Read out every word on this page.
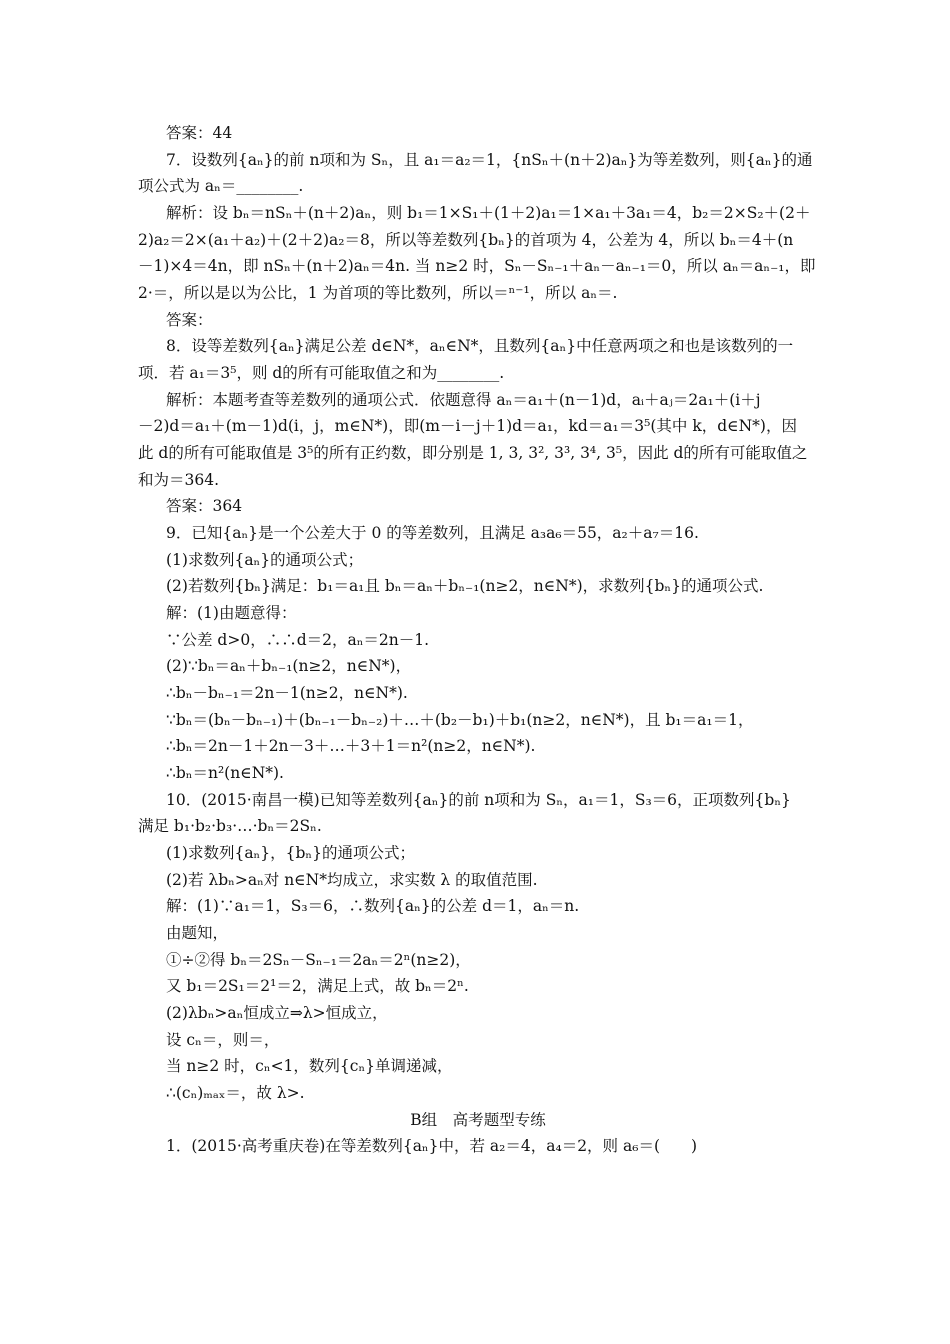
答案：44
7．设数列{aₙ}的前 n项和为 Sₙ，且 a₁＝a₂＝1，{nSₙ＋(n＋2)aₙ}为等差数列，则{aₙ}的通
项公式为 aₙ＝________.
解析：设 bₙ＝nSₙ＋(n＋2)aₙ，则 b₁＝1×S₁＋(1＋2)a₁＝1×a₁＋3a₁＝4，b₂＝2×S₂＋(2＋
2)a₂＝2×(a₁＋a₂)＋(2＋2)a₂＝8，所以等差数列{bₙ}的首项为 4，公差为 4，所以 bₙ＝4＋(n
－1)×4＝4n，即 nSₙ＋(n＋2)aₙ＝4n. 当 n≥2 时，Sₙ－Sₙ₋₁＋aₙ－aₙ₋₁＝0，所以 aₙ＝aₙ₋₁，即
2·＝，所以是以为公比，1 为首项的等比数列，所以＝ⁿ⁻¹，所以 aₙ＝.
答案：
8．设等差数列{aₙ}满足公差 d∈N*，aₙ∈N*，且数列{aₙ}中任意两项之和也是该数列的一
项．若 a₁＝3⁵，则 d的所有可能取值之和为________.
解析：本题考查等差数列的通项公式．依题意得 aₙ＝a₁＋(n－1)d，aᵢ＋aⱼ＝2a₁＋(i＋j
－2)d＝a₁＋(m－1)d(i，j，m∈N*)，即(m－i－j＋1)d＝a₁，kd＝a₁＝3⁵(其中 k，d∈N*)，因
此 d的所有可能取值是 3⁵的所有正约数，即分别是 1, 3, 3², 3³, 3⁴, 3⁵，因此 d的所有可能取值之
和为＝364.
答案：364
9．已知{aₙ}是一个公差大于 0 的等差数列，且满足 a₃a₆＝55，a₂＋a₇＝16.
(1)求数列{aₙ}的通项公式；
(2)若数列{bₙ}满足：b₁＝a₁且 bₙ＝aₙ＋bₙ₋₁(n≥2，n∈N*)，求数列{bₙ}的通项公式.
解：(1)由题意得：
∵公差 d>0，∴∴d＝2，aₙ＝2n－1.
(2)∵bₙ＝aₙ＋bₙ₋₁(n≥2，n∈N*)，
∴bₙ－bₙ₋₁＝2n－1(n≥2，n∈N*).
∵bₙ＝(bₙ－bₙ₋₁)＋(bₙ₋₁－bₙ₋₂)＋…＋(b₂－b₁)＋b₁(n≥2，n∈N*)，且 b₁＝a₁＝1，
∴bₙ＝2n－1＋2n－3＋…＋3＋1＝n²(n≥2，n∈N*).
∴bₙ＝n²(n∈N*).
10．(2015·南昌一模)已知等差数列{aₙ}的前 n项和为 Sₙ，a₁＝1，S₃＝6，正项数列{bₙ}
满足 b₁·b₂·b₃·…·bₙ＝2Sₙ.
(1)求数列{aₙ}，{bₙ}的通项公式；
(2)若 λbₙ>aₙ对 n∈N*均成立，求实数 λ 的取值范围.
解：(1)∵a₁＝1，S₃＝6，∴数列{aₙ}的公差 d＝1，aₙ＝n.
由题知，
①÷②得 bₙ＝2Sₙ－Sₙ₋₁＝2aₙ＝2ⁿ(n≥2)，
又 b₁＝2S₁＝2¹＝2，满足上式，故 bₙ＝2ⁿ.
(2)λbₙ>aₙ恒成立⇒λ>恒成立，
设 cₙ＝，则＝，
当 n≥2 时，cₙ<1，数列{cₙ}单调递减，
∴(cₙ)ₘₐₓ＝，故 λ>.
B组　高考题型专练
1．(2015·高考重庆卷)在等差数列{aₙ}中，若 a₂＝4，a₄＝2，则 a₆＝(　　)
